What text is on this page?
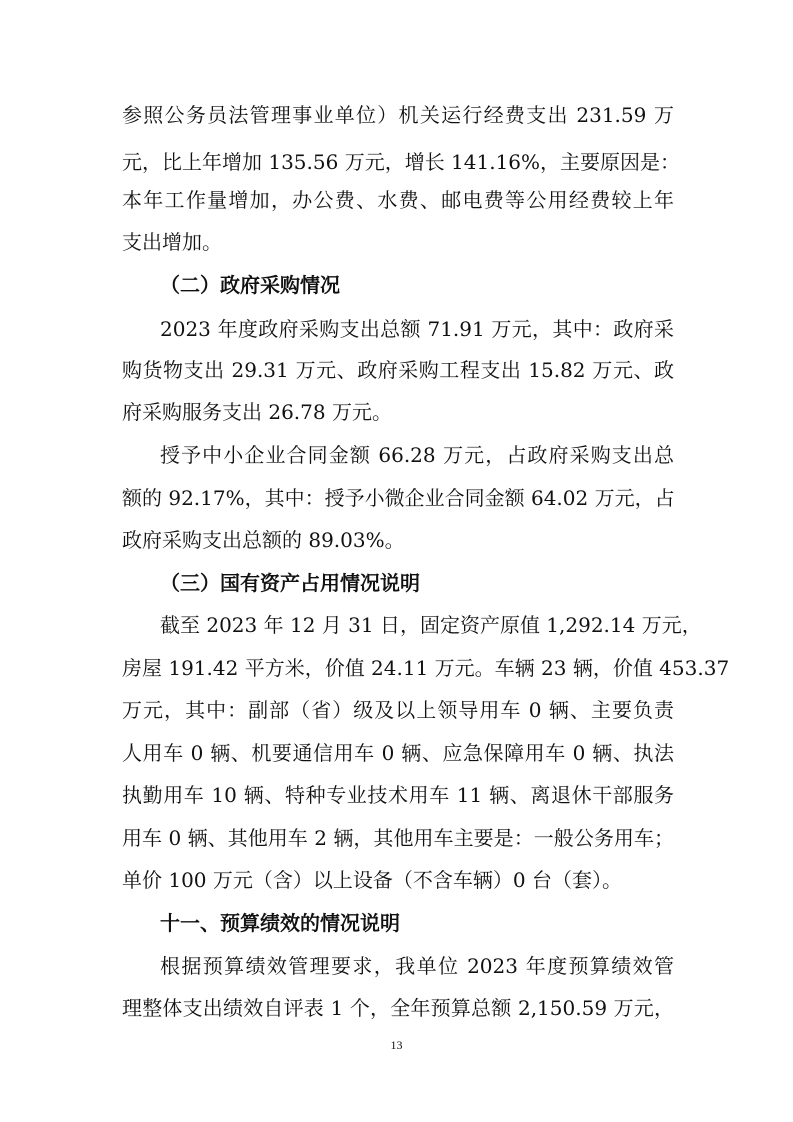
参照公务员法管理事业单位）机关运行经费支出 231.59 万
元，比上年增加 135.56 万元，增长 141.16%，主要原因是：
本年工作量增加，办公费、水费、邮电费等公用经费较上年
支出增加。
（二）政府采购情况
2023 年度政府采购支出总额 71.91 万元，其中：政府采
购货物支出 29.31 万元、政府采购工程支出 15.82 万元、政
府采购服务支出 26.78 万元。
授予中小企业合同金额 66.28 万元，占政府采购支出总
额的 92.17%，其中：授予小微企业合同金额 64.02 万元，占
政府采购支出总额的 89.03%。
（三）国有资产占用情况说明
截至 2023 年 12 月 31 日，固定资产原值 1,292.14 万元，
房屋 191.42 平方米，价值 24.11 万元。车辆 23 辆，价值 453.37
万元，其中：副部（省）级及以上领导用车 0 辆、主要负责
人用车 0 辆、机要通信用车 0 辆、应急保障用车 0 辆、执法
执勤用车 10 辆、特种专业技术用车 11 辆、离退休干部服务
用车 0 辆、其他用车 2 辆，其他用车主要是：一般公务用车；
单价 100 万元（含）以上设备（不含车辆）0 台（套）。
十一、预算绩效的情况说明
根据预算绩效管理要求，我单位 2023 年度预算绩效管
理整体支出绩效自评表 1 个，全年预算总额 2,150.59 万元，
13
